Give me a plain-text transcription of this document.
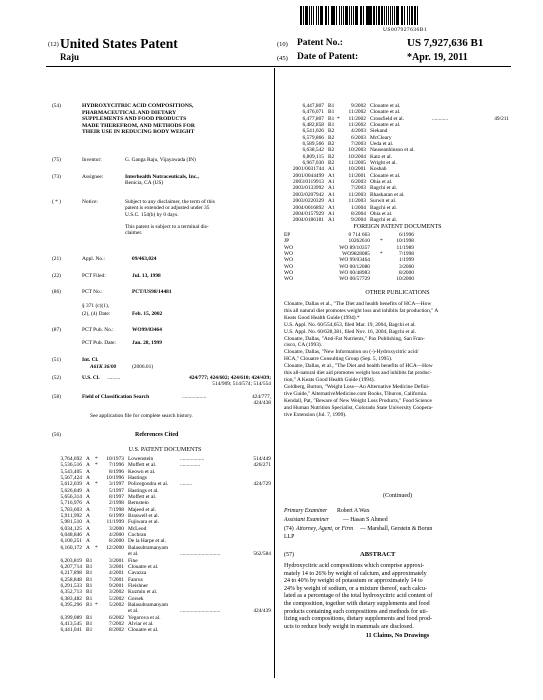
US007927636B1
(12) United States Patent
Raju
(10) Patent No.:	US 7,927,636 B1
(45) Date of Patent:	*Apr. 19, 2011
(54)	HYDROXYCITRIC ACID COMPOSITIONS,
PHARMACEUTICAL AND DIETARY
SUPPLEMENTS AND FOOD PRODUCTS
MADE THEREFROM, AND METHODS FOR
THEIR USE IN REDUCING BODY WEIGHT
(75)	Inventor:	G. Ganga Raju, Vijayawada (IN)
(73)	Assignee:	Interhealth Nutraceuticals, Inc.,
Benicia, CA (US)
( * )	Notice:	Subject to any disclaimer, the term of this
patent is extended or adjusted under 35
U.S.C. 154(b) by 0 days.
This patent is subject to a terminal dis-
claimer.
(21)	Appl. No.:	09/463,024
(22)	PCT Filed:	Jul. 13, 1998
(86)	PCT No.:	PCT/US98/14481
§ 371 (c)(1),
(2), (4) Date:	Feb. 15, 2002
(87)	PCT Pub. No.:	WO99/03464
PCT Pub. Date:	Jan. 28, 1999
(51)	Int. Cl.
A61K 36/00	(2006.01)
(52)	U.S. Cl. ..........	424/777; 424/602; 424/610; 424/439;
514/909; 514/574; 514/554
(58)	Field of Classification Search	..................	424/777,
424/438
See application file for complete search history.
(56)	References Cited
U.S. PATENT DOCUMENTS
3,764,692 A *	10/1973 Lowenstein	..................	514/449
5,536,516 A *	7/1996 Moffett et al.	...............	426/271
5,543,405 A	8/1996 Keown et al.
5,567,424 A	10/1996 Hastings
5,612,039 A *	3/1997 Policegoudra et al. .........	424/729
5,626,849 A	5/1997 Hastings et al.
5,656,314 A	8/1997 Moffett et al.
5,716,976 A	2/1998 Bernstein
5,783,603 A	7/1998 Majeed et al.
5,911,992 A	6/1999 Braswell et al.
5,981,510 A	11/1999 Fujiwara et al.
6,034,125 A	3/2000 McLeod
6,048,846 A	4/2000 Cochran
6,100,251 A	8/2000 De la Harpe et al.
6,160,172 A *	12/2000 Balasubramanyam
et al.	..............................	562/584
6,203,819 B1	3/2001 Fine
6,207,714 B1	3/2001 Clouatre et al.
6,217,898 B1	4/2001 Cavazza
6,258,848 B1	7/2001 Fanrus
6,291,533 B1	9/2001 Fleishner
6,352,713 B1	3/2002 Kuzmin et al.
6,383,482 B1	5/2002 Gorsek
6,395,296 B1 *	5/2002 Balasubramanyam
et al.	..............................	424/439
6,399,089 B1	6/2002 Yegorova et al.
6,413,545 B1	7/2002 Alviar et al.
6,441,041 B1	8/2002 Clouatre et al.
6,447,807 B1	9/2002 Clouatre et al.
6,476,071 B1	11/2002 Clouatre et al.
6,477,807 B1 *	11/2002 Crossfield et al.	............	49/211
6,482,858 B1	11/2002 Clouatre et al.
6,541,026 B2	4/2003 Siekand
6,579,866 B2	6/2003 McCleary
6,589,566 B2	7/2003 Ueda et al.
6,638,542 B2	10/2003 Nauseanhinson et al.
6,809,115 B2	10/2004 Katz et al.
6,967,030 B2	11/2005 Wright et al.
2001/0031744 A1	10/2001 Kosbab
2001/0044499 A1	11/2001 Clouatre et al.
2003/0119913 A1	6/2003 Ohia et al.
2003/0133992 A1	7/2003 Bagchi et al.
2003/0207942 A1	11/2003 Bhaskaran et al.
2003/0220329 A1	11/2003 Surwit et al.
2004/0016892 A1	1/2004 Bagchi et al.
2004/0157929 A1	8/2004 Ohia et al.
2004/0186181 A1	9/2004 Bagchi et al.
FOREIGN PATENT DOCUMENTS
EP	0 714 663	6/1996
JP	10262610 *	10/1998
WO	WO 89/10357	11/1989
WO	WO9828085 *	7/1998
WO	WO 99/03464	1/1999
WO	WO 00/12080	3/2000
WO	WO 00/48983	8/2000
WO	WO 00/57729	10/2000
OTHER PUBLICATIONS
Clouatre, Dallas et al., "The Diet and health benefits of HCA—How
this all natural diet promotes weight loss and inhibits fat production," A
Keats Good Health Guide (1994).*
U.S. Appl. No. 60/554,653, filed Mar. 19, 2004, Bagchi et al.
U.S. Appl. No. 60/628,381, filed Nov. 16, 2004, Bagchi et al.
Clouatre, Dallas, "Anti-Fat Nutrients," Pax Publishing, San Fran-
cisco, CA (1993).
Clouatre, Dallas, "New Information on (-)-Hydroxycitric acid/
HCA," Clouatre Consulting Group (Sep. 5, 1995).
Clouatre, Dallas, et al., "The Diet and health benefits of HCA—How
this all-natural diet aid promotes weight loss and inhibits fat produc-
tion," A Keats Good Health Guide (1994).
Goldberg, Burton, "Weight Loss—An Alternative Medicine Defini-
tive Guide," AlternativeMedicine.com Books, Tiburon, California.
Kendall, Pat, "Beware of New Weight Loss Products," Food Science
and Human Nutrition Specialist, Colorado State University Coopera-
tive Extension (Jul. 7, 1999).
(Continued)
Primary Examiner Robert A Wax
Assistant Examiner — Hasan S Ahmed
(74) Attorney, Agent, or Firm — Marshall, Gerstein & Borun
LLP
(57)	ABSTRACT
Hydroxycitric acid compositions which comprise approxi-
mately 14 to 26% by weight of calcium, and approximately
24 to 40% by weight of potassium or approximately 14 to
24% by weight of sodium, or a mixture thereof, each calcu-
lated as a percentage of the total hydroxycitric acid content of
the composition, together with dietary supplements and food
products containing such compositions and methods for uti-
lizing such compositions, dietary supplements and food prod-
ucts to reduce body weight in mammals are disclosed.
11 Claims, No Drawings
